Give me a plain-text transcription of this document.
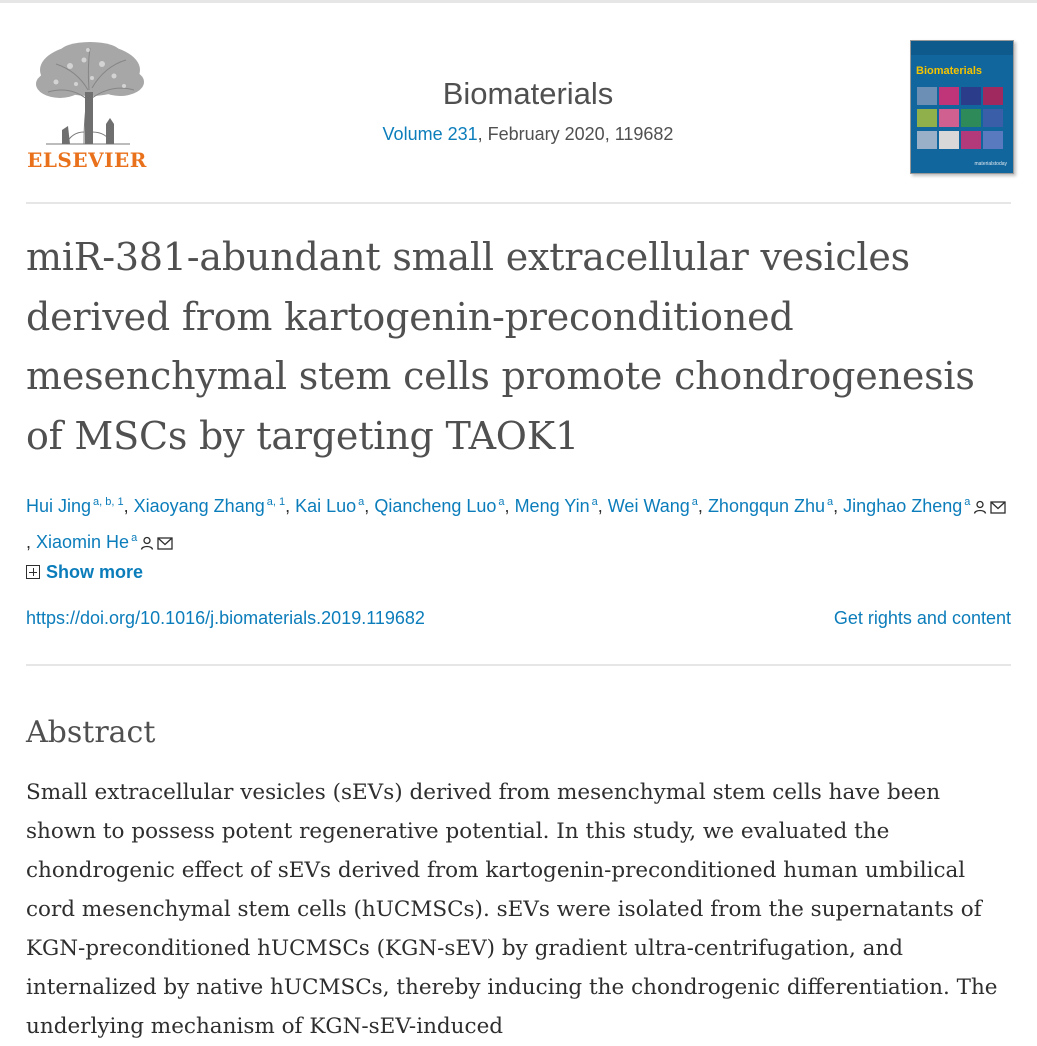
ELSEVIER
Biomaterials
Volume 231, February 2020, 119682
Biomaterials
materialstoday
miR-381-abundant small extracellular vesicles derived from kartogenin-preconditioned mesenchymal stem cells promote chondrogenesis of MSCs by targeting TAOK1
Hui Jing $^{a, b, 1}$, Xiaoyang Zhang $^{a, 1}$, Kai Luo $^a$, Qiancheng Luo $^a$, Meng Yin $^a$, Wei Wang $^a$, Zhongqun Zhu $^a$, Jinghao Zheng $^a$, Xiaomin He $^a$
Show more
https://doi.org/10.1016/j.biomaterials.2019.119682	Get rights and content
Abstract

Small extracellular vesicles (sEVs) derived from mesenchymal stem cells have been shown to possess potent regenerative potential. In this study, we evaluated the chondrogenic effect of sEVs derived from kartogenin-preconditioned human umbilical cord mesenchymal stem cells (hUCMSCs). sEVs were isolated from the supernatants of KGN-preconditioned hUCMSCs (KGN-sEV) by gradient ultra-centrifugation, and internalized by native hUCMSCs, thereby inducing the chondrogenic differentiation. The underlying mechanism of KGN-sEV-induced
